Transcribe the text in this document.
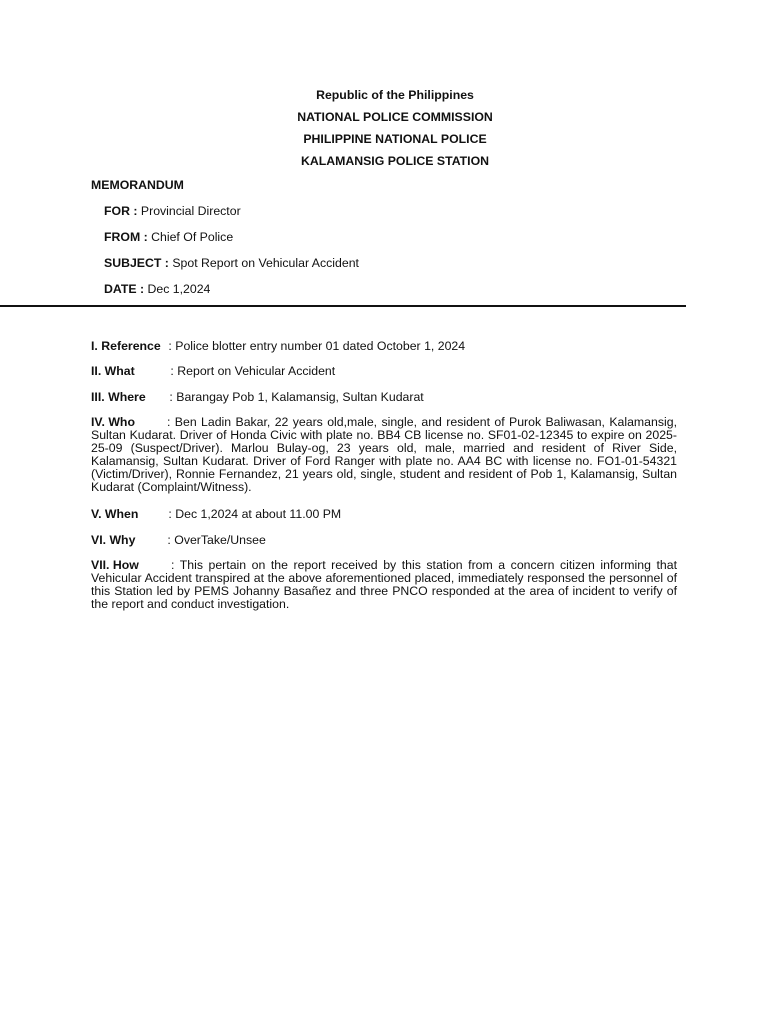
Republic of the Philippines
NATIONAL POLICE COMMISSION
PHILIPPINE NATIONAL POLICE
KALAMANSIG POLICE STATION
MEMORANDUM
FOR : Provincial Director
FROM : Chief Of Police
SUBJECT : Spot Report on Vehicular Accident
DATE : Dec 1,2024
I. Reference : Police blotter entry number 01 dated October 1, 2024
II. What	: Report on Vehicular Accident
III. Where : Barangay Pob 1, Kalamansig, Sultan Kudarat
IV. Who	: Ben Ladin Bakar, 22 years old,male, single, and resident of Purok Baliwasan, Kalamansig, Sultan Kudarat. Driver of Honda Civic with plate no. BB4 CB license no. SF01-02-12345 to expire on 2025-25-09 (Suspect/Driver). Marlou Bulay-og, 23 years old, male, married and resident of River Side, Kalamansig, Sultan Kudarat. Driver of Ford Ranger with plate no. AA4 BC with license no. FO1-01-54321 (Victim/Driver), Ronnie Fernandez, 21 years old, single, student and resident of Pob 1, Kalamansig, Sultan Kudarat (Complaint/Witness).
V. When : Dec 1,2024 at about 11.00 PM
VI. Why	: OverTake/Unsee
VII. How	: This pertain on the report received by this station from a concern citizen informing that Vehicular Accident transpired at the above aforementioned placed, immediately responsed the personnel of this Station led by PEMS Johanny Basañez and three PNCO responded at the area of incident to verify of the report and conduct investigation.
